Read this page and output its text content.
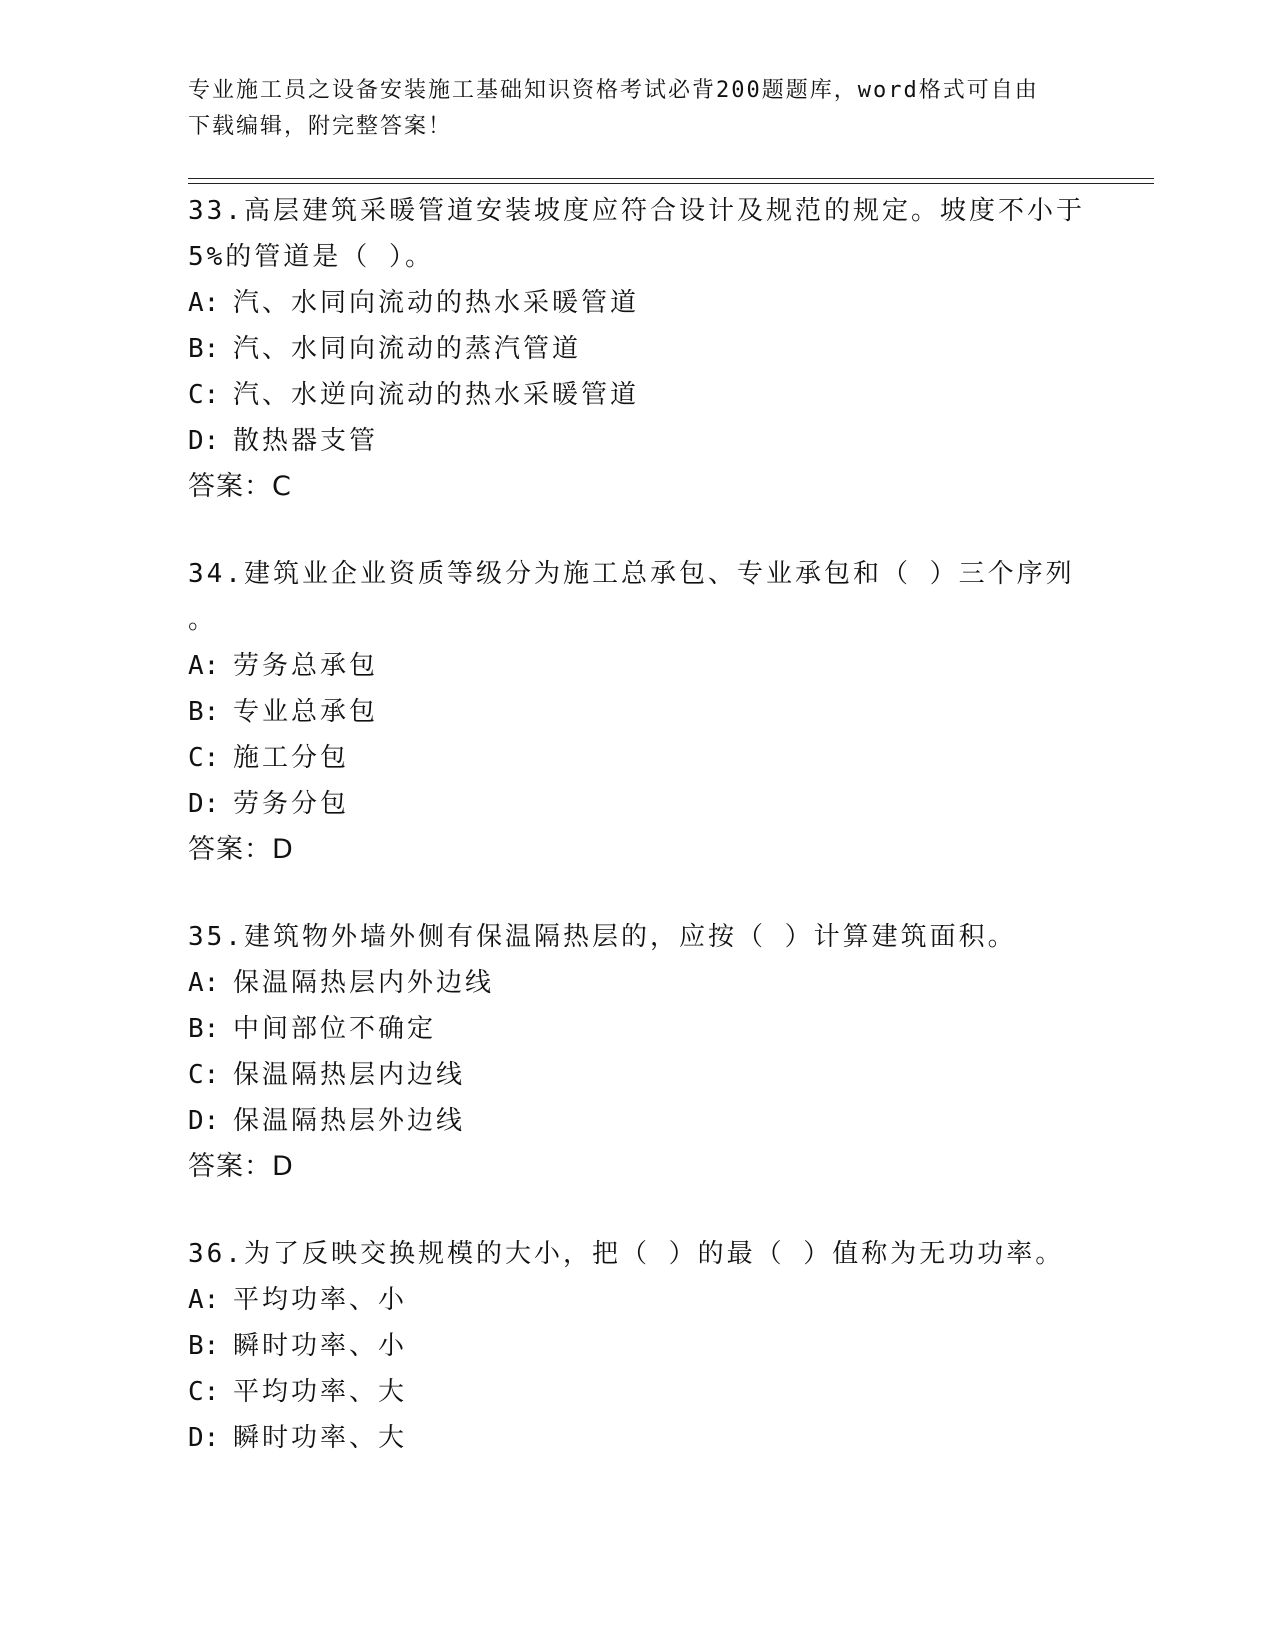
专业施工员之设备安装施工基础知识资格考试必背200题题库，word格式可自由
下载编辑，附完整答案！
33.高层建筑采暖管道安装坡度应符合设计及规范的规定。坡度不小于
5%的管道是（ ）。
A: 汽、水同向流动的热水采暖管道
B: 汽、水同向流动的蒸汽管道
C: 汽、水逆向流动的热水采暖管道
D: 散热器支管
答案：C
34.建筑业企业资质等级分为施工总承包、专业承包和（ ）三个序列
。
A: 劳务总承包
B: 专业总承包
C: 施工分包
D: 劳务分包
答案：D
35.建筑物外墙外侧有保温隔热层的，应按（ ）计算建筑面积。
A: 保温隔热层内外边线
B: 中间部位不确定
C: 保温隔热层内边线
D: 保温隔热层外边线
答案：D
36.为了反映交换规模的大小，把（ ）的最（ ）值称为无功功率。
A: 平均功率、小
B: 瞬时功率、小
C: 平均功率、大
D: 瞬时功率、大
